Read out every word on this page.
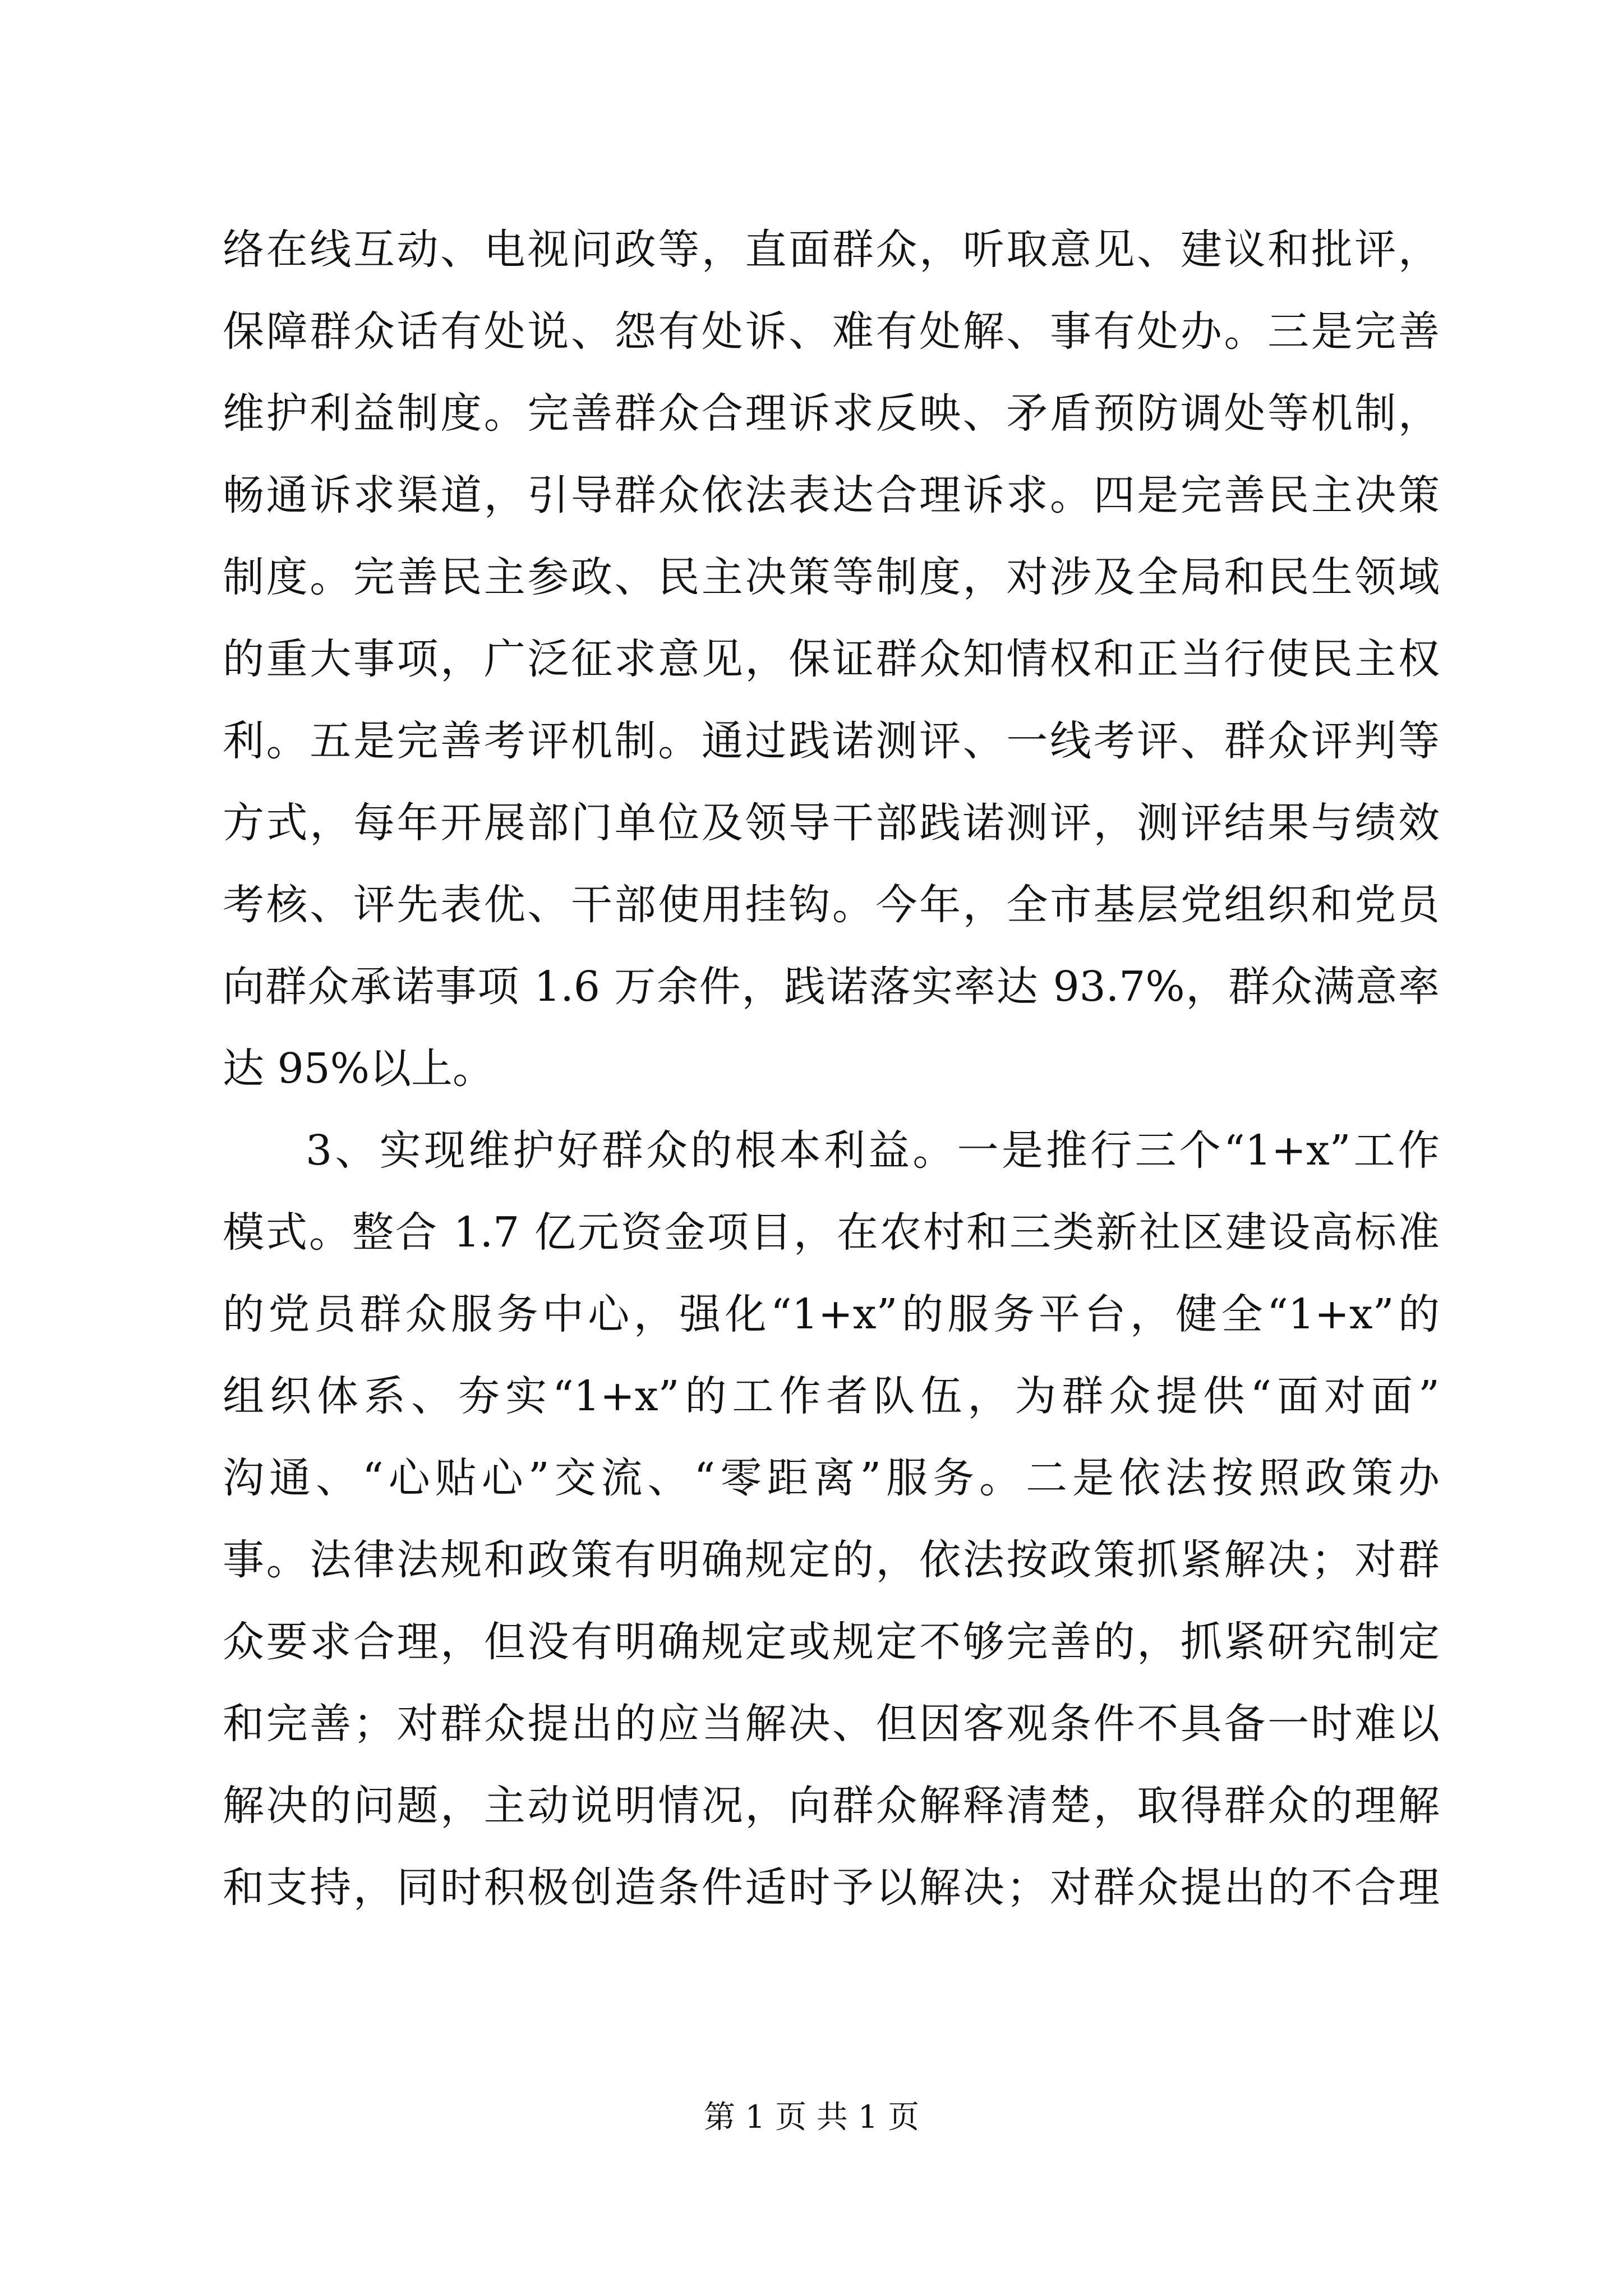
络在线互动、电视问政等，直面群众，听取意见、建议和批评，
保障群众话有处说、怨有处诉、难有处解、事有处办。三是完善
维护利益制度。完善群众合理诉求反映、矛盾预防调处等机制，
畅通诉求渠道，引导群众依法表达合理诉求。四是完善民主决策
制度。完善民主参政、民主决策等制度，对涉及全局和民生领域
的重大事项，广泛征求意见，保证群众知情权和正当行使民主权
利。五是完善考评机制。通过践诺测评、一线考评、群众评判等
方式，每年开展部门单位及领导干部践诺测评，测评结果与绩效
考核、评先表优、干部使用挂钩。今年，全市基层党组织和党员
向群众承诺事项 1.6 万余件，践诺落实率达 93.7%，群众满意率
达 95%以上。
3、实现维护好群众的根本利益。一是推行三个“1+x”工作
模式。整合 1.7 亿元资金项目，在农村和三类新社区建设高标准
的党员群众服务中心，强化“1+x”的服务平台，健全“1+x”的
组织体系、夯实“1+x”的工作者队伍，为群众提供“面对面”
沟通、“心贴心”交流、“零距离”服务。二是依法按照政策办
事。法律法规和政策有明确规定的，依法按政策抓紧解决；对群
众要求合理，但没有明确规定或规定不够完善的，抓紧研究制定
和完善；对群众提出的应当解决、但因客观条件不具备一时难以
解决的问题，主动说明情况，向群众解释清楚，取得群众的理解
和支持，同时积极创造条件适时予以解决；对群众提出的不合理
第 1 页 共 1 页
